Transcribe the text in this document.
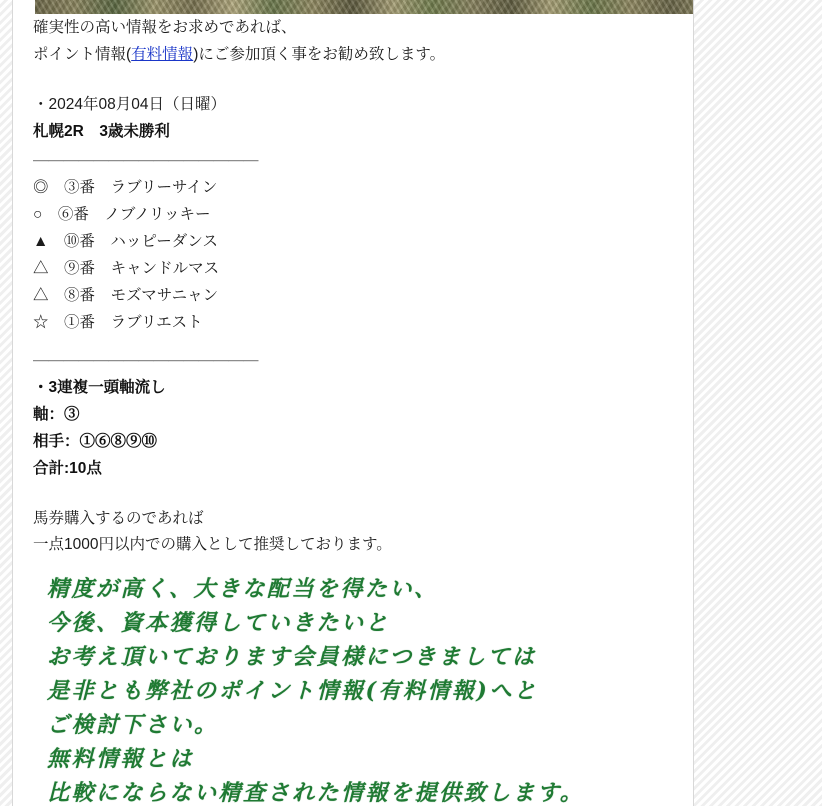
確実性の高い情報をお求めであれば、
ポイント情報(有料情報)にご参加頂く事をお勧め致します。
・2024年08月04日（日曜）
札幌2R　3歳未勝利
＿＿＿＿＿＿＿＿＿＿＿＿＿＿＿
◎　 ③番　 ラブリーサイン
○　 ⑥番　 ノブノリッキー
▲　 ⑩番　 ハッピーダンス
△　 ⑨番　 キャンドルマス
△　 ⑧番　 モズマサニャン
☆　 ①番　 ラブリエスト
＿＿＿＿＿＿＿＿＿＿＿＿＿＿＿
・3連複一頭軸流し
軸：③
相手：①⑥⑧⑨⑩
合計:10点
馬券購入するのであれば
一点1000円以内での購入として推奨しております。
精度が高く、大きな配当を得たい、
今後、資本獲得していきたいと
お考え頂いております会員様につきましては
是非とも弊社のポイント情報(有料情報)へと
ご検討下さい。
無料情報とは
比較にならない精査された情報を提供致します。
